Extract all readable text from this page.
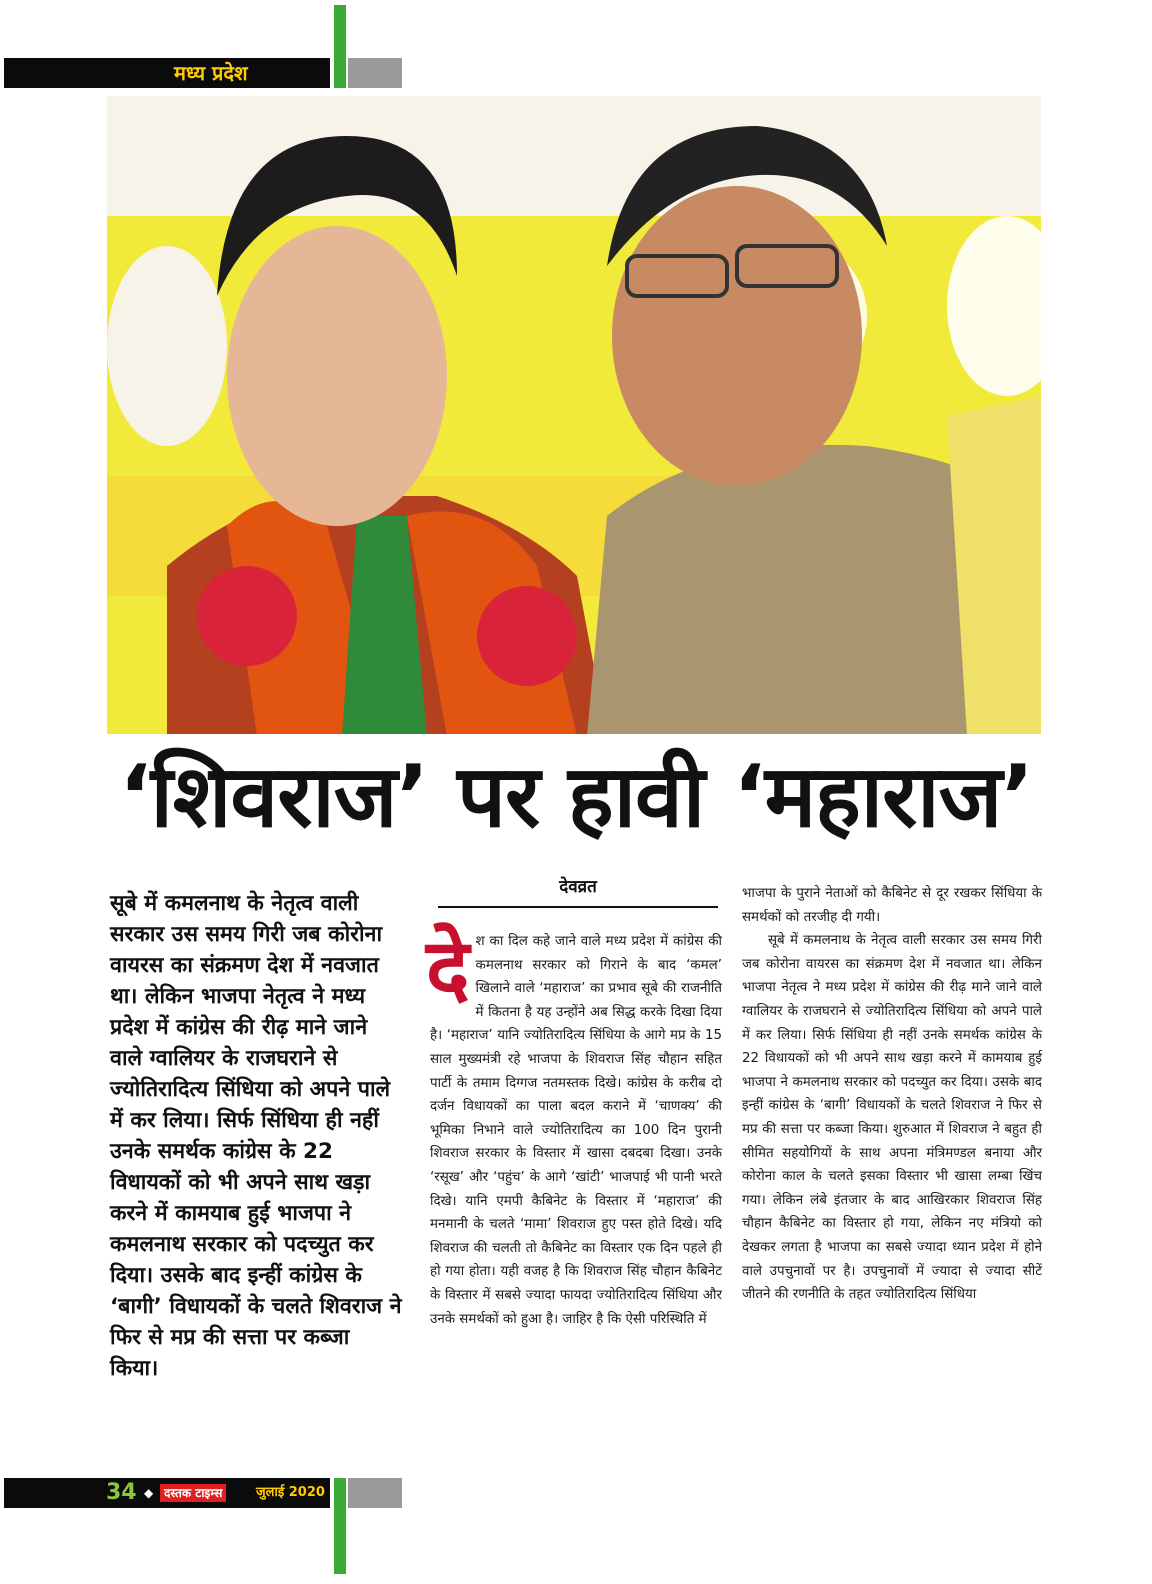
मध्य प्रदेश
‘शिवराज’ पर हावी ‘महाराज’

सूबे में कमलनाथ के नेतृत्व वाली सरकार उस समय गिरी जब कोरोना वायरस का संक्रमण देश में नवजात था। लेकिन भाजपा नेतृत्व ने मध्य प्रदेश में कांग्रेस की रीढ़ माने जाने वाले ग्वालियर के राजघराने से ज्योतिरादित्य सिंधिया को अपने पाले में कर लिया। सिर्फ सिंधिया ही नहीं उनके समर्थक कांग्रेस के 22 विधायकों को भी अपने साथ खड़ा करने में कामयाब हुई भाजपा ने कमलनाथ सरकार को पदच्युत कर दिया। उसके बाद इन्हीं कांग्रेस के ‘बागी’ विधायकों के चलते शिवराज ने फिर से मप्र की सत्ता पर कब्जा किया।

देवव्रत
दे श का दिल कहे जाने वाले मध्य प्रदेश में कांग्रेस की कमलनाथ सरकार को गिराने के बाद ‘कमल’ खिलाने वाले ‘महाराज’ का प्रभाव सूबे की राजनीति में कितना है यह उन्होंने अब सिद्ध करके दिखा दिया है। ‘महाराज’ यानि ज्योतिरादित्य सिंधिया के आगे मप्र के 15 साल मुख्यमंत्री रहे भाजपा के शिवराज सिंह चौहान सहित पार्टी के तमाम दिग्गज नतमस्तक दिखे। कांग्रेस के करीब दो दर्जन विधायकों का पाला बदल कराने में ‘चाणक्य’ की भूमिका निभाने वाले ज्योतिरादित्य का 100 दिन पुरानी शिवराज सरकार के विस्तार में खासा दबदबा दिखा। उनके ‘रसूख’ और ‘पहुंच’ के आगे ‘खांटी’ भाजपाई भी पानी भरते दिखे। यानि एमपी कैबिनेट के विस्तार में ‘महाराज’ की मनमानी के चलते ‘मामा’ शिवराज हुए पस्त होते दिखे। यदि शिवराज की चलती तो कैबिनेट का विस्तार एक दिन पहले ही हो गया होता। यही वजह है कि शिवराज सिंह चौहान कैबिनेट के विस्तार में सबसे ज्यादा फायदा ज्योतिरादित्य सिंधिया और उनके समर्थकों को हुआ है। जाहिर है कि ऐसी परिस्थिति में

भाजपा के पुराने नेताओं को कैबिनेट से दूर रखकर सिंधिया के समर्थकों को तरजीह दी गयी।

सूबे में कमलनाथ के नेतृत्व वाली सरकार उस समय गिरी जब कोरोना वायरस का संक्रमण देश में नवजात था। लेकिन भाजपा नेतृत्व ने मध्य प्रदेश में कांग्रेस की रीढ़ माने जाने वाले ग्वालियर के राजघराने से ज्योतिरादित्य सिंधिया को अपने पाले में कर लिया। सिर्फ सिंधिया ही नहीं उनके समर्थक कांग्रेस के 22 विधायकों को भी अपने साथ खड़ा करने में कामयाब हुई भाजपा ने कमलनाथ सरकार को पदच्युत कर दिया। उसके बाद इन्हीं कांग्रेस के ‘बागी’ विधायकों के चलते शिवराज ने फिर से मप्र की सत्ता पर कब्जा किया। शुरुआत में शिवराज ने बहुत ही सीमित सहयोगियों के साथ अपना मंत्रिमण्डल बनाया और कोरोना काल के चलते इसका विस्तार भी खासा लम्बा खिंच गया। लेकिन लंबे इंतजार के बाद आखिरकार शिवराज सिंह चौहान कैबिनेट का विस्तार हो गया, लेकिन नए मंत्रियो को देखकर लगता है भाजपा का सबसे ज्यादा ध्यान प्रदेश में होने वाले उपचुनावों पर है। उपचुनावों में ज्यादा से ज्यादा सीटें जीतने की रणनीति के तहत ज्योतिरादित्य सिंधिया

34 ◆ दस्तक टाइम्स	जुलाई 2020
